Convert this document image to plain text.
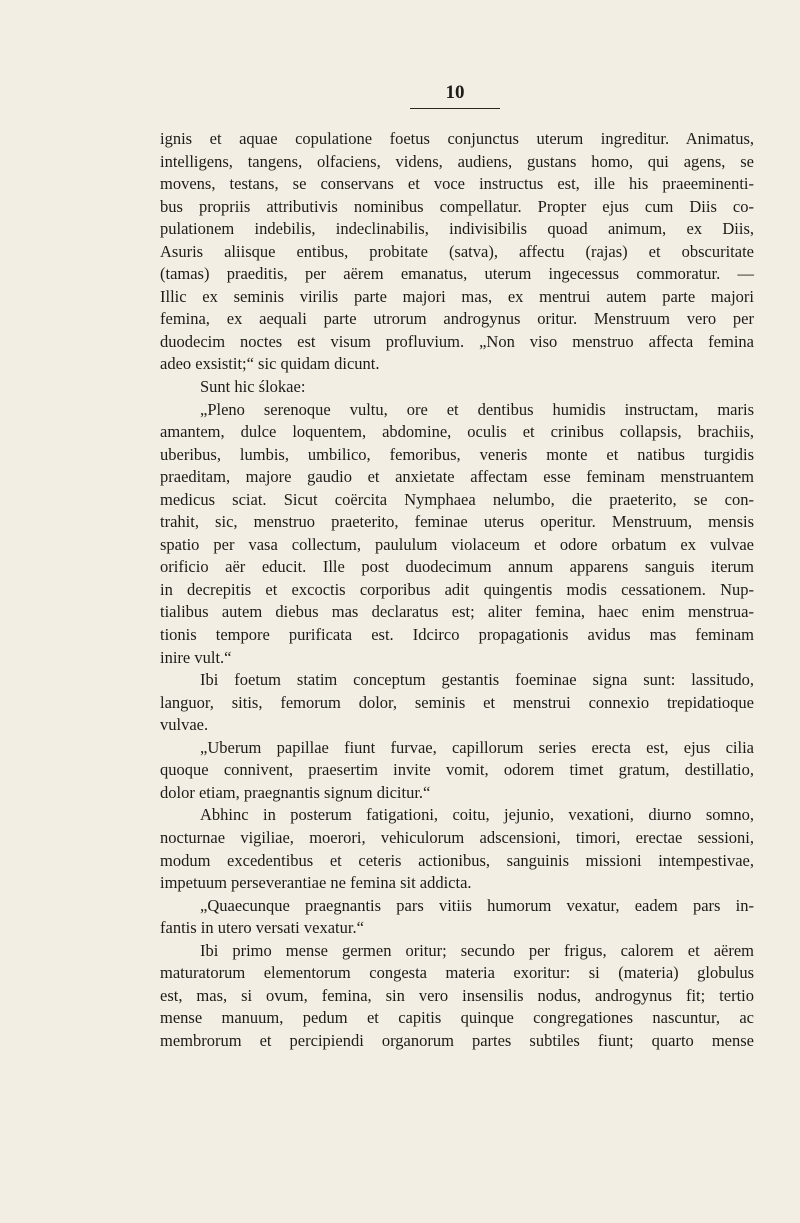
10
ignis et aquae copulatione foetus conjunctus uterum ingreditur. Animatus,
intelligens, tangens, olfaciens, videns, audiens, gustans homo, qui agens, se
movens, testans, se conservans et voce instructus est, ille his praeeminenti-
bus propriis attributivis nominibus compellatur. Propter ejus cum Diis co-
pulationem indebilis, indeclinabilis, indivisibilis quoad animum, ex Diis,
Asuris aliisque entibus, probitate (satva), affectu (rajas) et obscuritate
(tamas) praeditis, per aërem emanatus, uterum ingecessus commoratur. —
Illic ex seminis virilis parte majori mas, ex mentrui autem parte majori
femina, ex aequali parte utrorum androgynus oritur. Menstruum vero per
duodecim noctes est visum profluvium. „Non viso menstruo affecta femina
adeo exsistit;“ sic quidam dicunt.
Sunt hic ślokae:
„Pleno serenoque vultu, ore et dentibus humidis instructam, maris
amantem, dulce loquentem, abdomine, oculis et crinibus collapsis, brachiis,
uberibus, lumbis, umbilico, femoribus, veneris monte et natibus turgidis
praeditam, majore gaudio et anxietate affectam esse feminam menstruantem
medicus sciat. Sicut coërcita Nymphaea nelumbo, die praeterito, se con-
trahit, sic, menstruo praeterito, feminae uterus operitur. Menstruum, mensis
spatio per vasa collectum, paululum violaceum et odore orbatum ex vulvae
orificio aër educit. Ille post duodecimum annum apparens sanguis iterum
in decrepitis et excoctis corporibus adit quingentis modis cessationem. Nup-
tialibus autem diebus mas declaratus est; aliter femina, haec enim menstrua-
tionis tempore purificata est. Idcirco propagationis avidus mas feminam
inire vult.“
Ibi foetum statim conceptum gestantis foeminae signa sunt: lassitudo,
languor, sitis, femorum dolor, seminis et menstrui connexio trepidatioque
vulvae.
„Uberum papillae fiunt furvae, capillorum series erecta est, ejus cilia
quoque connivent, praesertim invite vomit, odorem timet gratum, destillatio,
dolor etiam, praegnantis signum dicitur.“
Abhinc in posterum fatigationi, coitu, jejunio, vexationi, diurno somno,
nocturnae vigiliae, moerori, vehiculorum adscensioni, timori, erectae sessioni,
modum excedentibus et ceteris actionibus, sanguinis missioni intempestivae,
impetuum perseverantiae ne femina sit addicta.
„Quaecunque praegnantis pars vitiis humorum vexatur, eadem pars in-
fantis in utero versati vexatur.“
Ibi primo mense germen oritur; secundo per frigus, calorem et aërem
maturatorum elementorum congesta materia exoritur: si (materia) globulus
est, mas, si ovum, femina, sin vero insensilis nodus, androgynus fit; tertio
mense manuum, pedum et capitis quinque congregationes nascuntur, ac
membrorum et percipiendi organorum partes subtiles fiunt; quarto mense
